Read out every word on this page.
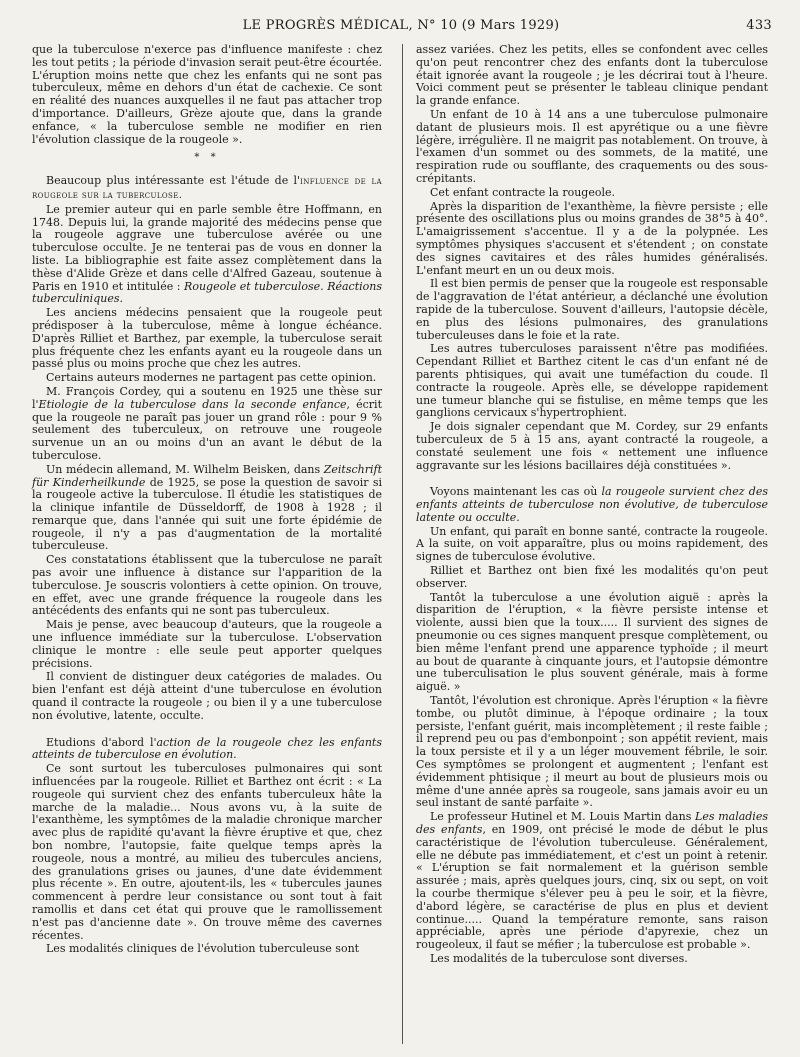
LE PROGRÈS MÉDICAL, N° 10 (9 Mars 1929)	433

que la tuberculose n'exerce pas d'influence manifeste : chez les tout petits ; la période d'invasion serait peut-être écourtée. L'éruption moins nette que chez les enfants qui ne sont pas tuberculeux, même en dehors d'un état de cachexie. Ce sont en réalité des nuances auxquelles il ne faut pas attacher trop d'importance. D'ailleurs, Grèze ajoute que, dans la grande enfance, « la tuberculose semble ne modifier en rien l'évolution classique de la rougeole ».

* *

Beaucoup plus intéressante est l'étude de l'influence de la rougeole sur la tuberculose.

Le premier auteur qui en parle semble être Hoffmann, en 1748. Depuis lui, la grande majorité des médecins pense que la rougeole aggrave une tuberculose avérée ou une tuberculose occulte. Je ne tenterai pas de vous en donner la liste. La bibliographie est faite assez complètement dans la thèse d'Alide Grèze et dans celle d'Alfred Gazeau, soutenue à Paris en 1910 et intitulée : Rougeole et tuberculose. Réactions tuberculiniques.

Les anciens médecins pensaient que la rougeole peut prédisposer à la tuberculose, même à longue échéance. D'après Rilliet et Barthez, par exemple, la tuberculose serait plus fréquente chez les enfants ayant eu la rougeole dans un passé plus ou moins proche que chez les autres.

Certains auteurs modernes ne partagent pas cette opinion.

M. François Cordey, qui a soutenu en 1925 une thèse sur l'Etiologie de la tuberculose dans la seconde enfance, écrit que la rougeole ne paraît pas jouer un grand rôle : pour 9 % seulement des tuberculeux, on retrouve une rougeole survenue un an ou moins d'un an avant le début de la tuberculose.

Un médecin allemand, M. Wilhelm Beisken, dans Zeitschrift für Kinderheilkunde de 1925, se pose la question de savoir si la rougeole active la tuberculose. Il étudie les statistiques de la clinique infantile de Düsseldorff, de 1908 à 1928 ; il remarque que, dans l'année qui suit une forte épidémie de rougeole, il n'y a pas d'augmentation de la mortalité tuberculeuse.

Ces constatations établissent que la tuberculose ne paraît pas avoir une influence à distance sur l'apparition de la tuberculose. Je souscris volontiers à cette opinion. On trouve, en effet, avec une grande fréquence la rougeole dans les antécédents des enfants qui ne sont pas tuberculeux.

Mais je pense, avec beaucoup d'auteurs, que la rougeole a une influence immédiate sur la tuberculose. L'observation clinique le montre : elle seule peut apporter quelques précisions.

Il convient de distinguer deux catégories de malades. Ou bien l'enfant est déjà atteint d'une tuberculose en évolution quand il contracte la rougeole ; ou bien il y a une tuberculose non évolutive, latente, occulte.

Etudions d'abord l'action de la rougeole chez les enfants atteints de tuberculose en évolution.

Ce sont surtout les tuberculoses pulmonaires qui sont influencées par la rougeole. Rilliet et Barthez ont écrit : « La rougeole qui survient chez des enfants tuberculeux hâte la marche de la maladie... Nous avons vu, à la suite de l'exanthème, les symptômes de la maladie chronique marcher avec plus de rapidité qu'avant la fièvre éruptive et que, chez bon nombre, l'autopsie, faite quelque temps après la rougeole, nous a montré, au milieu des tubercules anciens, des granulations grises ou jaunes, d'une date évidemment plus récente ». En outre, ajoutent-ils, les « tubercules jaunes commencent à perdre leur consistance ou sont tout à fait ramollis et dans cet état qui prouve que le ramollissement n'est pas d'ancienne date ». On trouve même des cavernes récentes.

Les modalités cliniques de l'évolution tuberculeuse sont

assez variées. Chez les petits, elles se confondent avec celles qu'on peut rencontrer chez des enfants dont la tuberculose était ignorée avant la rougeole ; je les décrirai tout à l'heure. Voici comment peut se présenter le tableau clinique pendant la grande enfance.

Un enfant de 10 à 14 ans a une tuberculose pulmonaire datant de plusieurs mois. Il est apyrétique ou a une fièvre légère, irrégulière. Il ne maigrit pas notablement. On trouve, à l'examen d'un sommet ou des sommets, de la matité, une respiration rude ou soufflante, des craquements ou des sous-crépitants.

Cet enfant contracte la rougeole.

Après la disparition de l'exanthème, la fièvre persiste ; elle présente des oscillations plus ou moins grandes de 38°5 à 40°. L'amaigrissement s'accentue. Il y a de la polypnée. Les symptômes physiques s'accusent et s'étendent ; on constate des signes cavitaires et des râles humides généralisés. L'enfant meurt en un ou deux mois.

Il est bien permis de penser que la rougeole est responsable de l'aggravation de l'état antérieur, a déclanché une évolution rapide de la tuberculose. Souvent d'ailleurs, l'autopsie décèle, en plus des lésions pulmonaires, des granulations tuberculeuses dans le foie et la rate.

Les autres tuberculoses paraissent n'être pas modifiées. Cependant Rilliet et Barthez citent le cas d'un enfant né de parents phtisiques, qui avait une tuméfaction du coude. Il contracte la rougeole. Après elle, se développe rapidement une tumeur blanche qui se fistulise, en même temps que les ganglions cervicaux s'hypertrophient.

Je dois signaler cependant que M. Cordey, sur 29 enfants tuberculeux de 5 à 15 ans, ayant contracté la rougeole, a constaté seulement une fois « nettement une influence aggravante sur les lésions bacillaires déjà constituées ».

Voyons maintenant les cas où la rougeole survient chez des enfants atteints de tuberculose non évolutive, de tuberculose latente ou occulte.

Un enfant, qui paraît en bonne santé, contracte la rougeole. A la suite, on voit apparaître, plus ou moins rapidement, des signes de tuberculose évolutive.

Rilliet et Barthez ont bien fixé les modalités qu'on peut observer.

Tantôt la tuberculose a une évolution aiguë : après la disparition de l'éruption, « la fièvre persiste intense et violente, aussi bien que la toux..... Il survient des signes de pneumonie ou ces signes manquent presque complètement, ou bien même l'enfant prend une apparence typhoïde ; il meurt au bout de quarante à cinquante jours, et l'autopsie démontre une tuberculisation le plus souvent générale, mais à forme aiguë. »

Tantôt, l'évolution est chronique. Après l'éruption « la fièvre tombe, ou plutôt diminue, à l'époque ordinaire ; la toux persiste, l'enfant guérit, mais incomplètement ; il reste faible ; il reprend peu ou pas d'embonpoint ; son appétit revient, mais la toux persiste et il y a un léger mouvement fébrile, le soir. Ces symptômes se prolongent et augmentent ; l'enfant est évidemment phtisique ; il meurt au bout de plusieurs mois ou même d'une année après sa rougeole, sans jamais avoir eu un seul instant de santé parfaite ».

Le professeur Hutinel et M. Louis Martin dans Les maladies des enfants, en 1909, ont précisé le mode de début le plus caractéristique de l'évolution tuberculeuse. Généralement, elle ne débute pas immédiatement, et c'est un point à retenir. « L'éruption se fait normalement et la guérison semble assurée ; mais, après quelques jours, cinq, six ou sept, on voit la courbe thermique s'élever peu à peu le soir, et la fièvre, d'abord légère, se caractérise de plus en plus et devient continue..... Quand la température remonte, sans raison appréciable, après une période d'apyrexie, chez un rougeoleux, il faut se méfier ; la tuberculose est probable ».

Les modalités de la tuberculose sont diverses.
